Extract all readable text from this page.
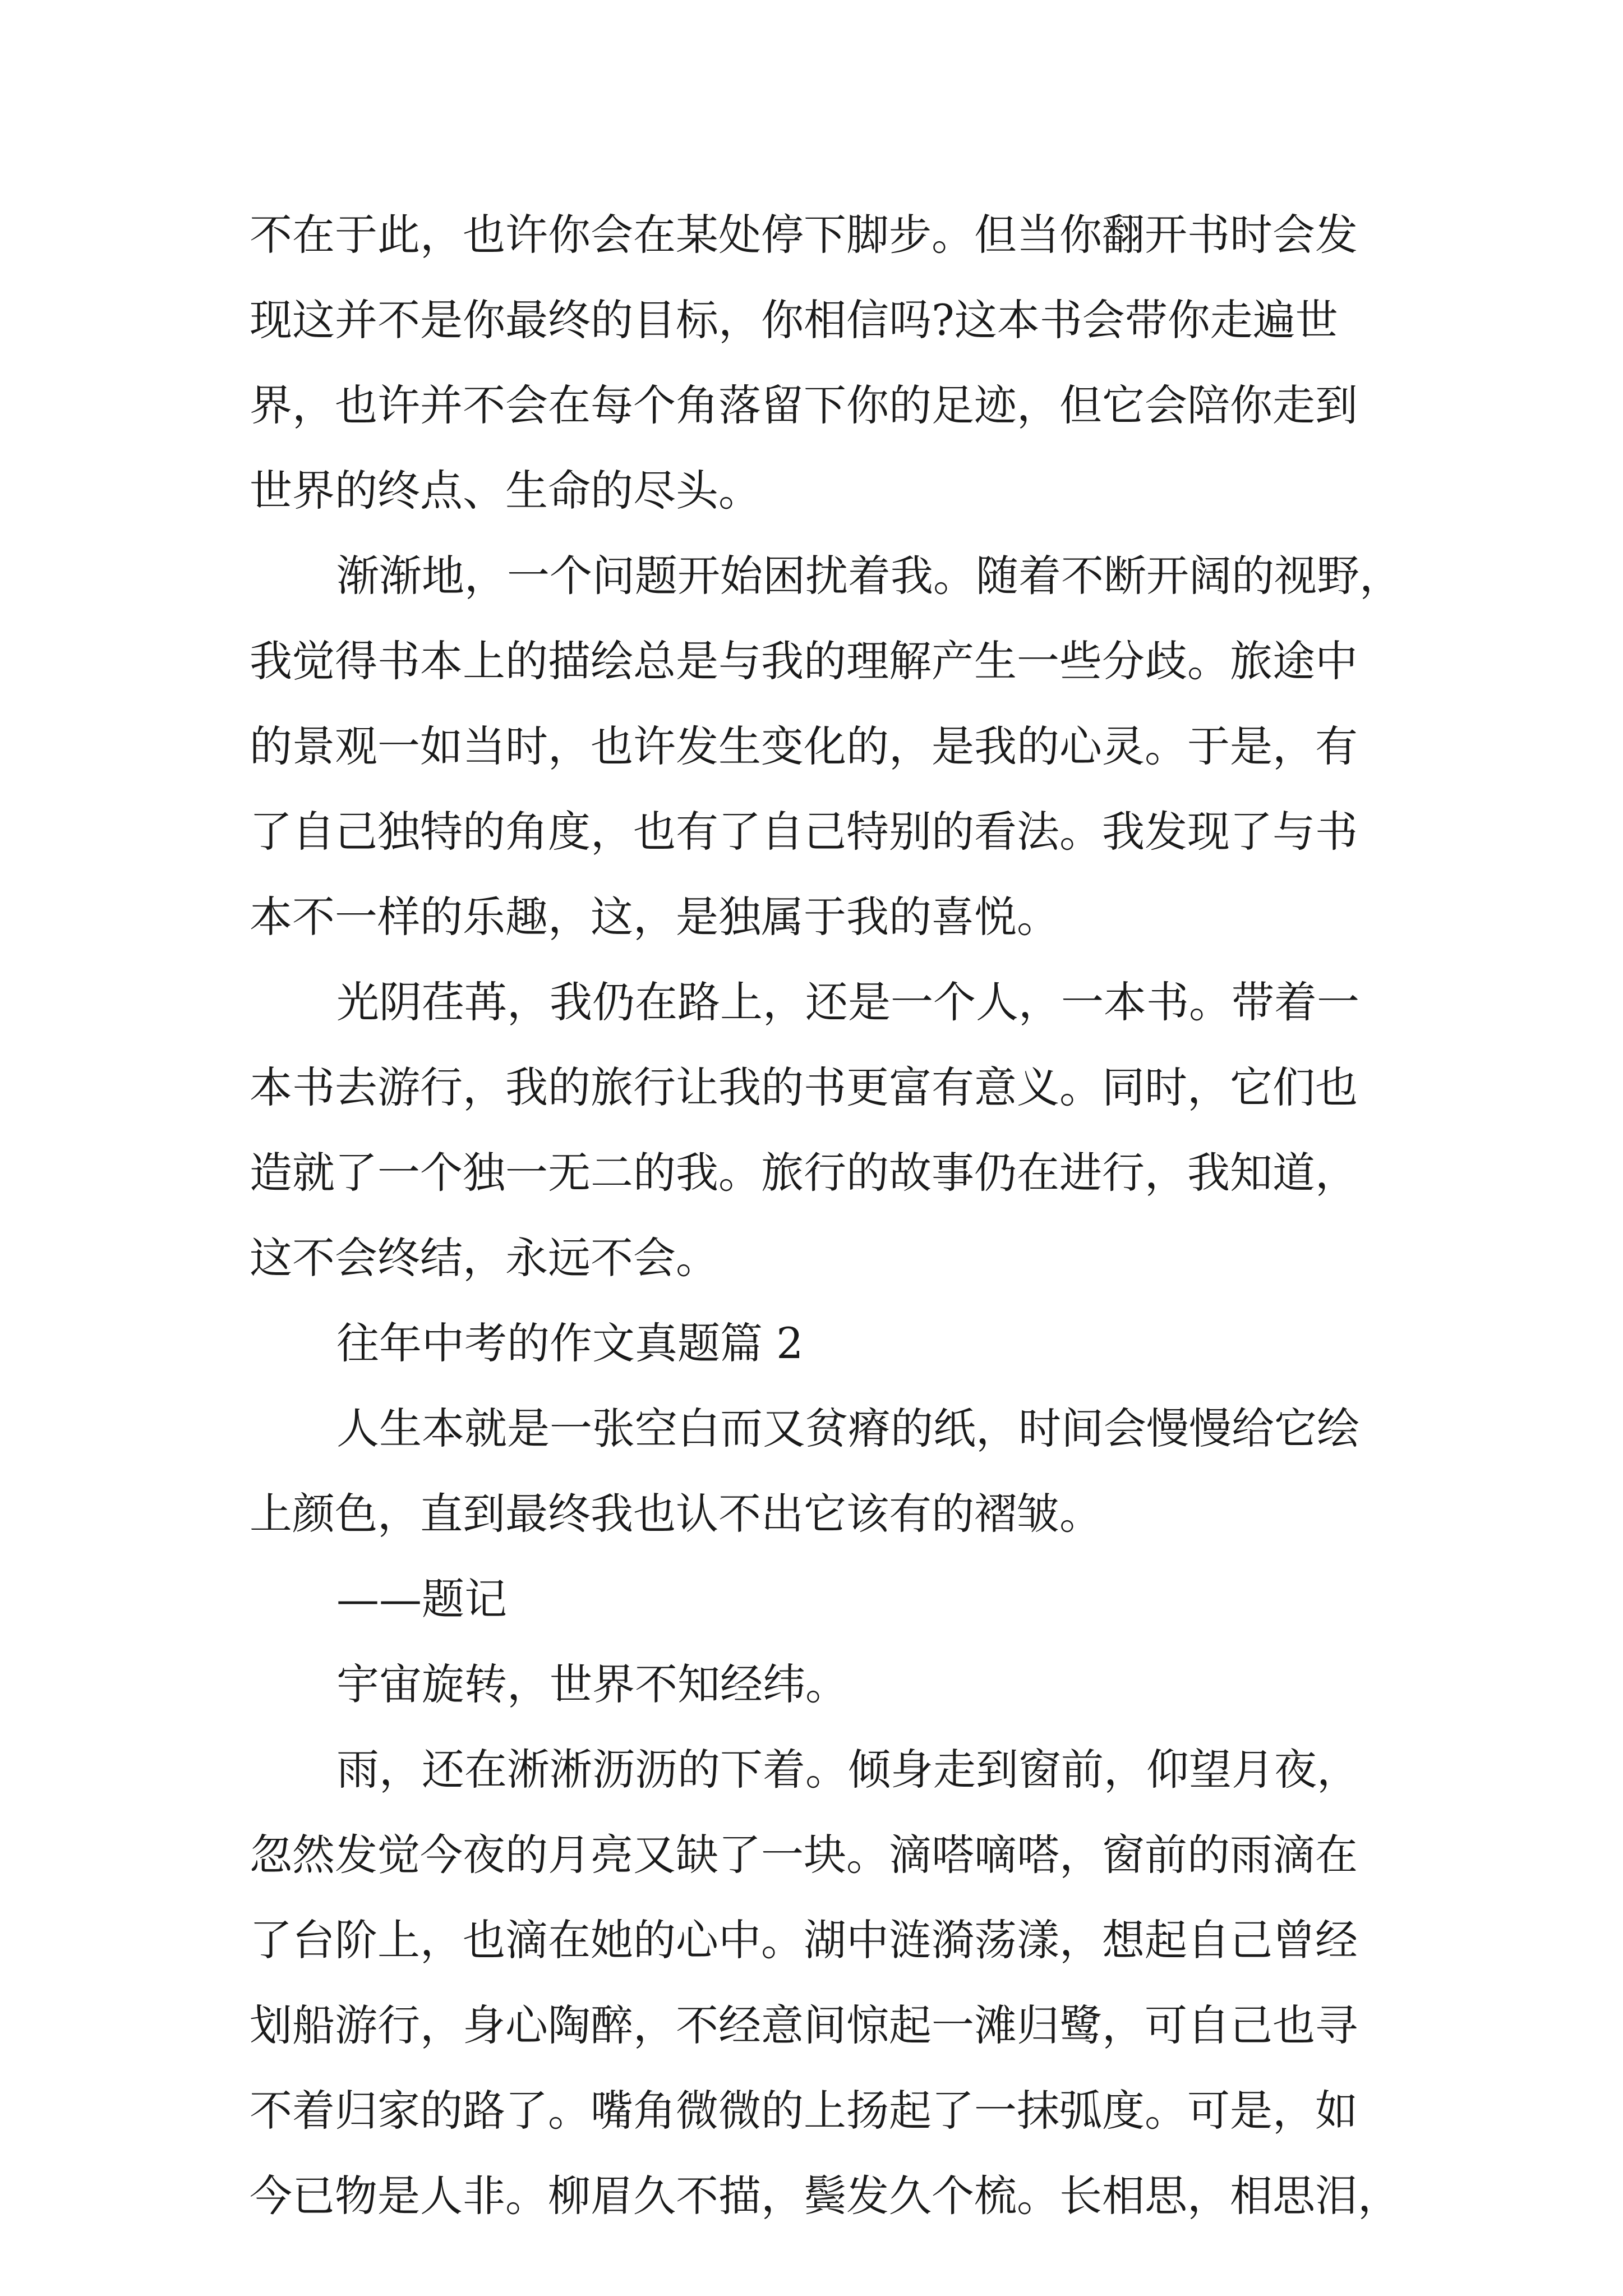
不在于此，也许你会在某处停下脚步。但当你翻开书时会发

现这并不是你最终的目标，你相信吗?这本书会带你走遍世

界，也许并不会在每个角落留下你的足迹，但它会陪你走到

世界的终点、生命的尽头。

渐渐地，一个问题开始困扰着我。随着不断开阔的视野，

我觉得书本上的描绘总是与我的理解产生一些分歧。旅途中

的景观一如当时，也许发生变化的，是我的心灵。于是，有

了自己独特的角度，也有了自己特别的看法。我发现了与书

本不一样的乐趣，这，是独属于我的喜悦。

光阴荏苒，我仍在路上，还是一个人，一本书。带着一

本书去游行，我的旅行让我的书更富有意义。同时，它们也

造就了一个独一无二的我。旅行的故事仍在进行，我知道，

这不会终结，永远不会。

往年中考的作文真题篇 2

人生本就是一张空白而又贫瘠的纸，时间会慢慢给它绘

上颜色，直到最终我也认不出它该有的褶皱。

——题记

宇宙旋转，世界不知经纬。

雨，还在淅淅沥沥的下着。倾身走到窗前，仰望月夜，

忽然发觉今夜的月亮又缺了一块。滴嗒嘀嗒，窗前的雨滴在

了台阶上，也滴在她的心中。湖中涟漪荡漾，想起自己曾经

划船游行，身心陶醉，不经意间惊起一滩归鹭，可自己也寻

不着归家的路了。嘴角微微的上扬起了一抹弧度。可是，如

今已物是人非。柳眉久不描，鬓发久个梳。长相思，相思泪，
